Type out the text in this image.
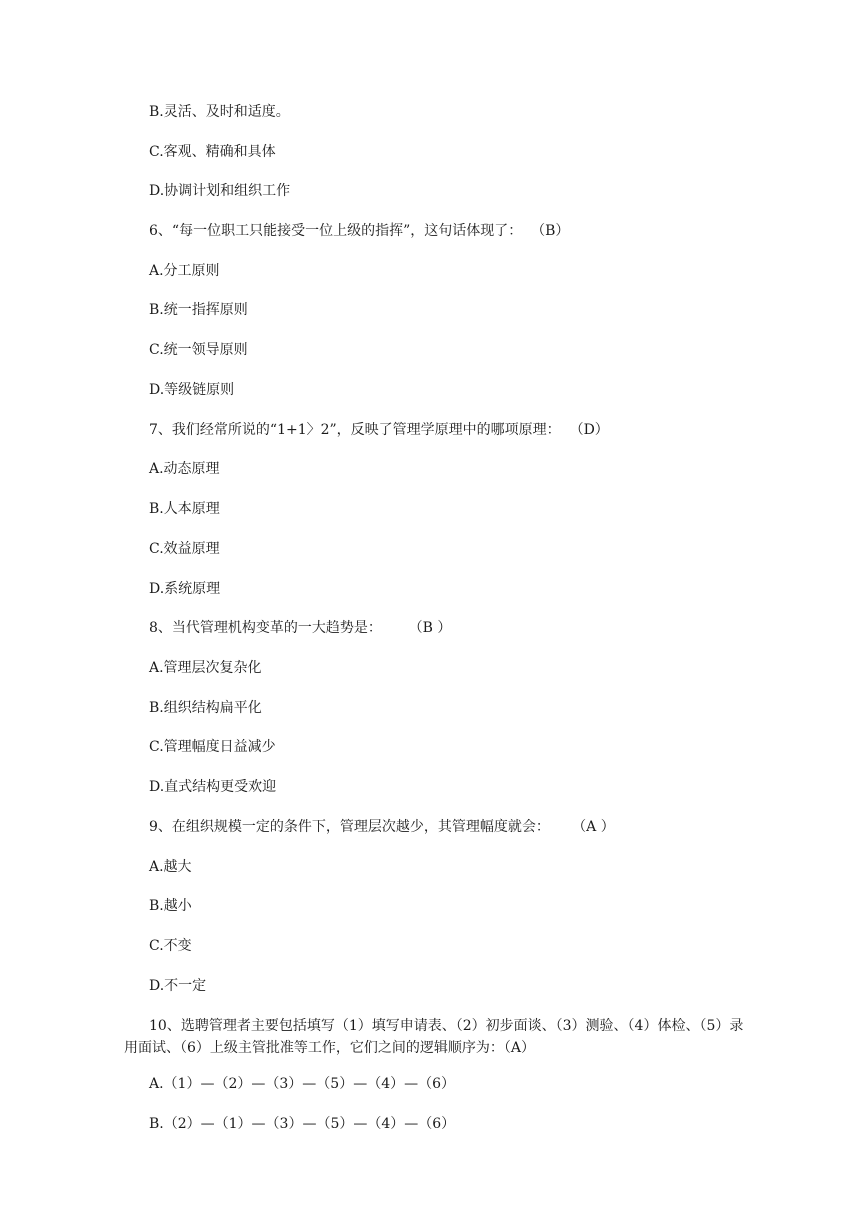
B.灵活、及时和适度。
C.客观、精确和具体
D.协调计划和组织工作
6、“每一位职工只能接受一位上级的指挥”，这句话体现了：  （B）
A.分工原则
B.统一指挥原则
C.统一领导原则
D.等级链原则
7、我们经常所说的“1+1〉2”，反映了管理学原理中的哪项原理：  （D）
A.动态原理
B.人本原理
C.效益原理
D.系统原理
8、当代管理机构变革的一大趋势是：      （B ）
A.管理层次复杂化
B.组织结构扁平化
C.管理幅度日益减少
D.直式结构更受欢迎
9、在组织规模一定的条件下，管理层次越少，其管理幅度就会：     （A ）
A.越大
B.越小
C.不变
D.不一定
10、选聘管理者主要包括填写（1）填写申请表、（2）初步面谈、（3）测验、（4）体检、（5）录用面试、（6）上级主管批准等工作，它们之间的逻辑顺序为：（A）
A.（1）—（2）—（3）—（5）—（4）—（6）
B.（2）—（1）—（3）—（5）—（4）—（6）
